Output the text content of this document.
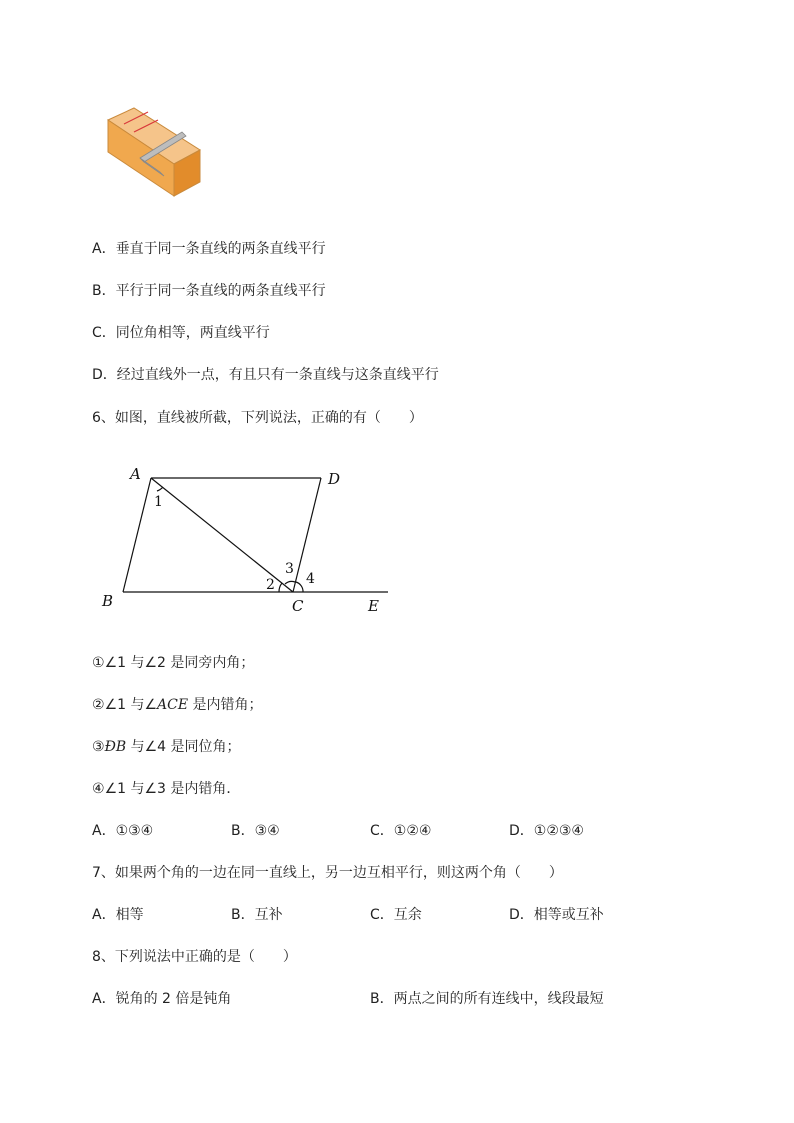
A．垂直于同一条直线的两条直线平行
B．平行于同一条直线的两条直线平行
C．同位角相等，两直线平行
D．经过直线外一点，有且只有一条直线与这条直线平行
6、如图，直线被所截，下列说法，正确的有（　　）
A	D
B	C	E
1
2
3
4
①∠1 与∠2 是同旁内角；
②∠1 与∠ACE 是内错角；
③ÐB 与∠4 是同位角；
④∠1 与∠3 是内错角．
A．①③④	B．③④	C．①②④	D．①②③④
7、如果两个角的一边在同一直线上，另一边互相平行，则这两个角（　　）
A．相等	B．互补	C．互余	D．相等或互补
8、下列说法中正确的是（　　）
A．锐角的 2 倍是钝角	B．两点之间的所有连线中，线段最短
